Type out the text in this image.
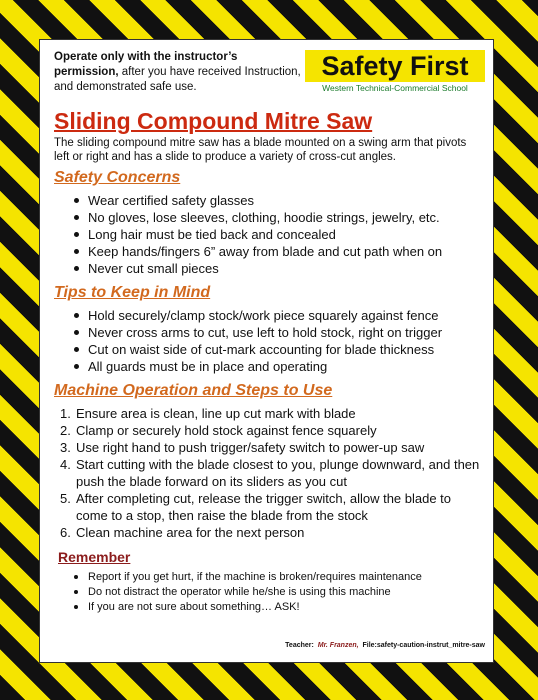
Operate only with the instructor’s permission, after you have received Instruction, and demonstrated safe use.
Safety First
Western Technical-Commercial School
Sliding Compound Mitre Saw
The sliding compound mitre saw has a blade mounted on a swing arm that pivots left or right and has a slide to produce a variety of cross-cut angles.
Safety Concerns
Wear certified safety glasses
No gloves, lose sleeves, clothing, hoodie strings, jewelry, etc.
Long hair must be tied back and concealed
Keep hands/fingers 6” away from blade and cut path when on
Never cut small pieces
Tips to Keep in Mind
Hold securely/clamp stock/work piece squarely against fence
Never cross arms to cut, use left to hold stock, right on trigger
Cut on waist side of cut-mark accounting for blade thickness
All guards must be in place and operating
Machine Operation and Steps to Use
1. Ensure area is clean, line up cut mark with blade
2. Clamp or securely hold stock against fence squarely
3. Use right hand to push trigger/safety switch to power-up saw
4. Start cutting with the blade closest to you, plunge downward, and then push the blade forward on its sliders as you cut
5. After completing cut, release the trigger switch, allow the blade to come to a stop, then raise the blade from the stock
6. Clean machine area for the next person
Remember
Report if you get hurt, if the machine is broken/requires maintenance
Do not distract the operator while he/she is using this machine
If you are not sure about something… ASK!
Teacher: Mr. Franzen, File:safety-caution-instrut_mitre-saw
